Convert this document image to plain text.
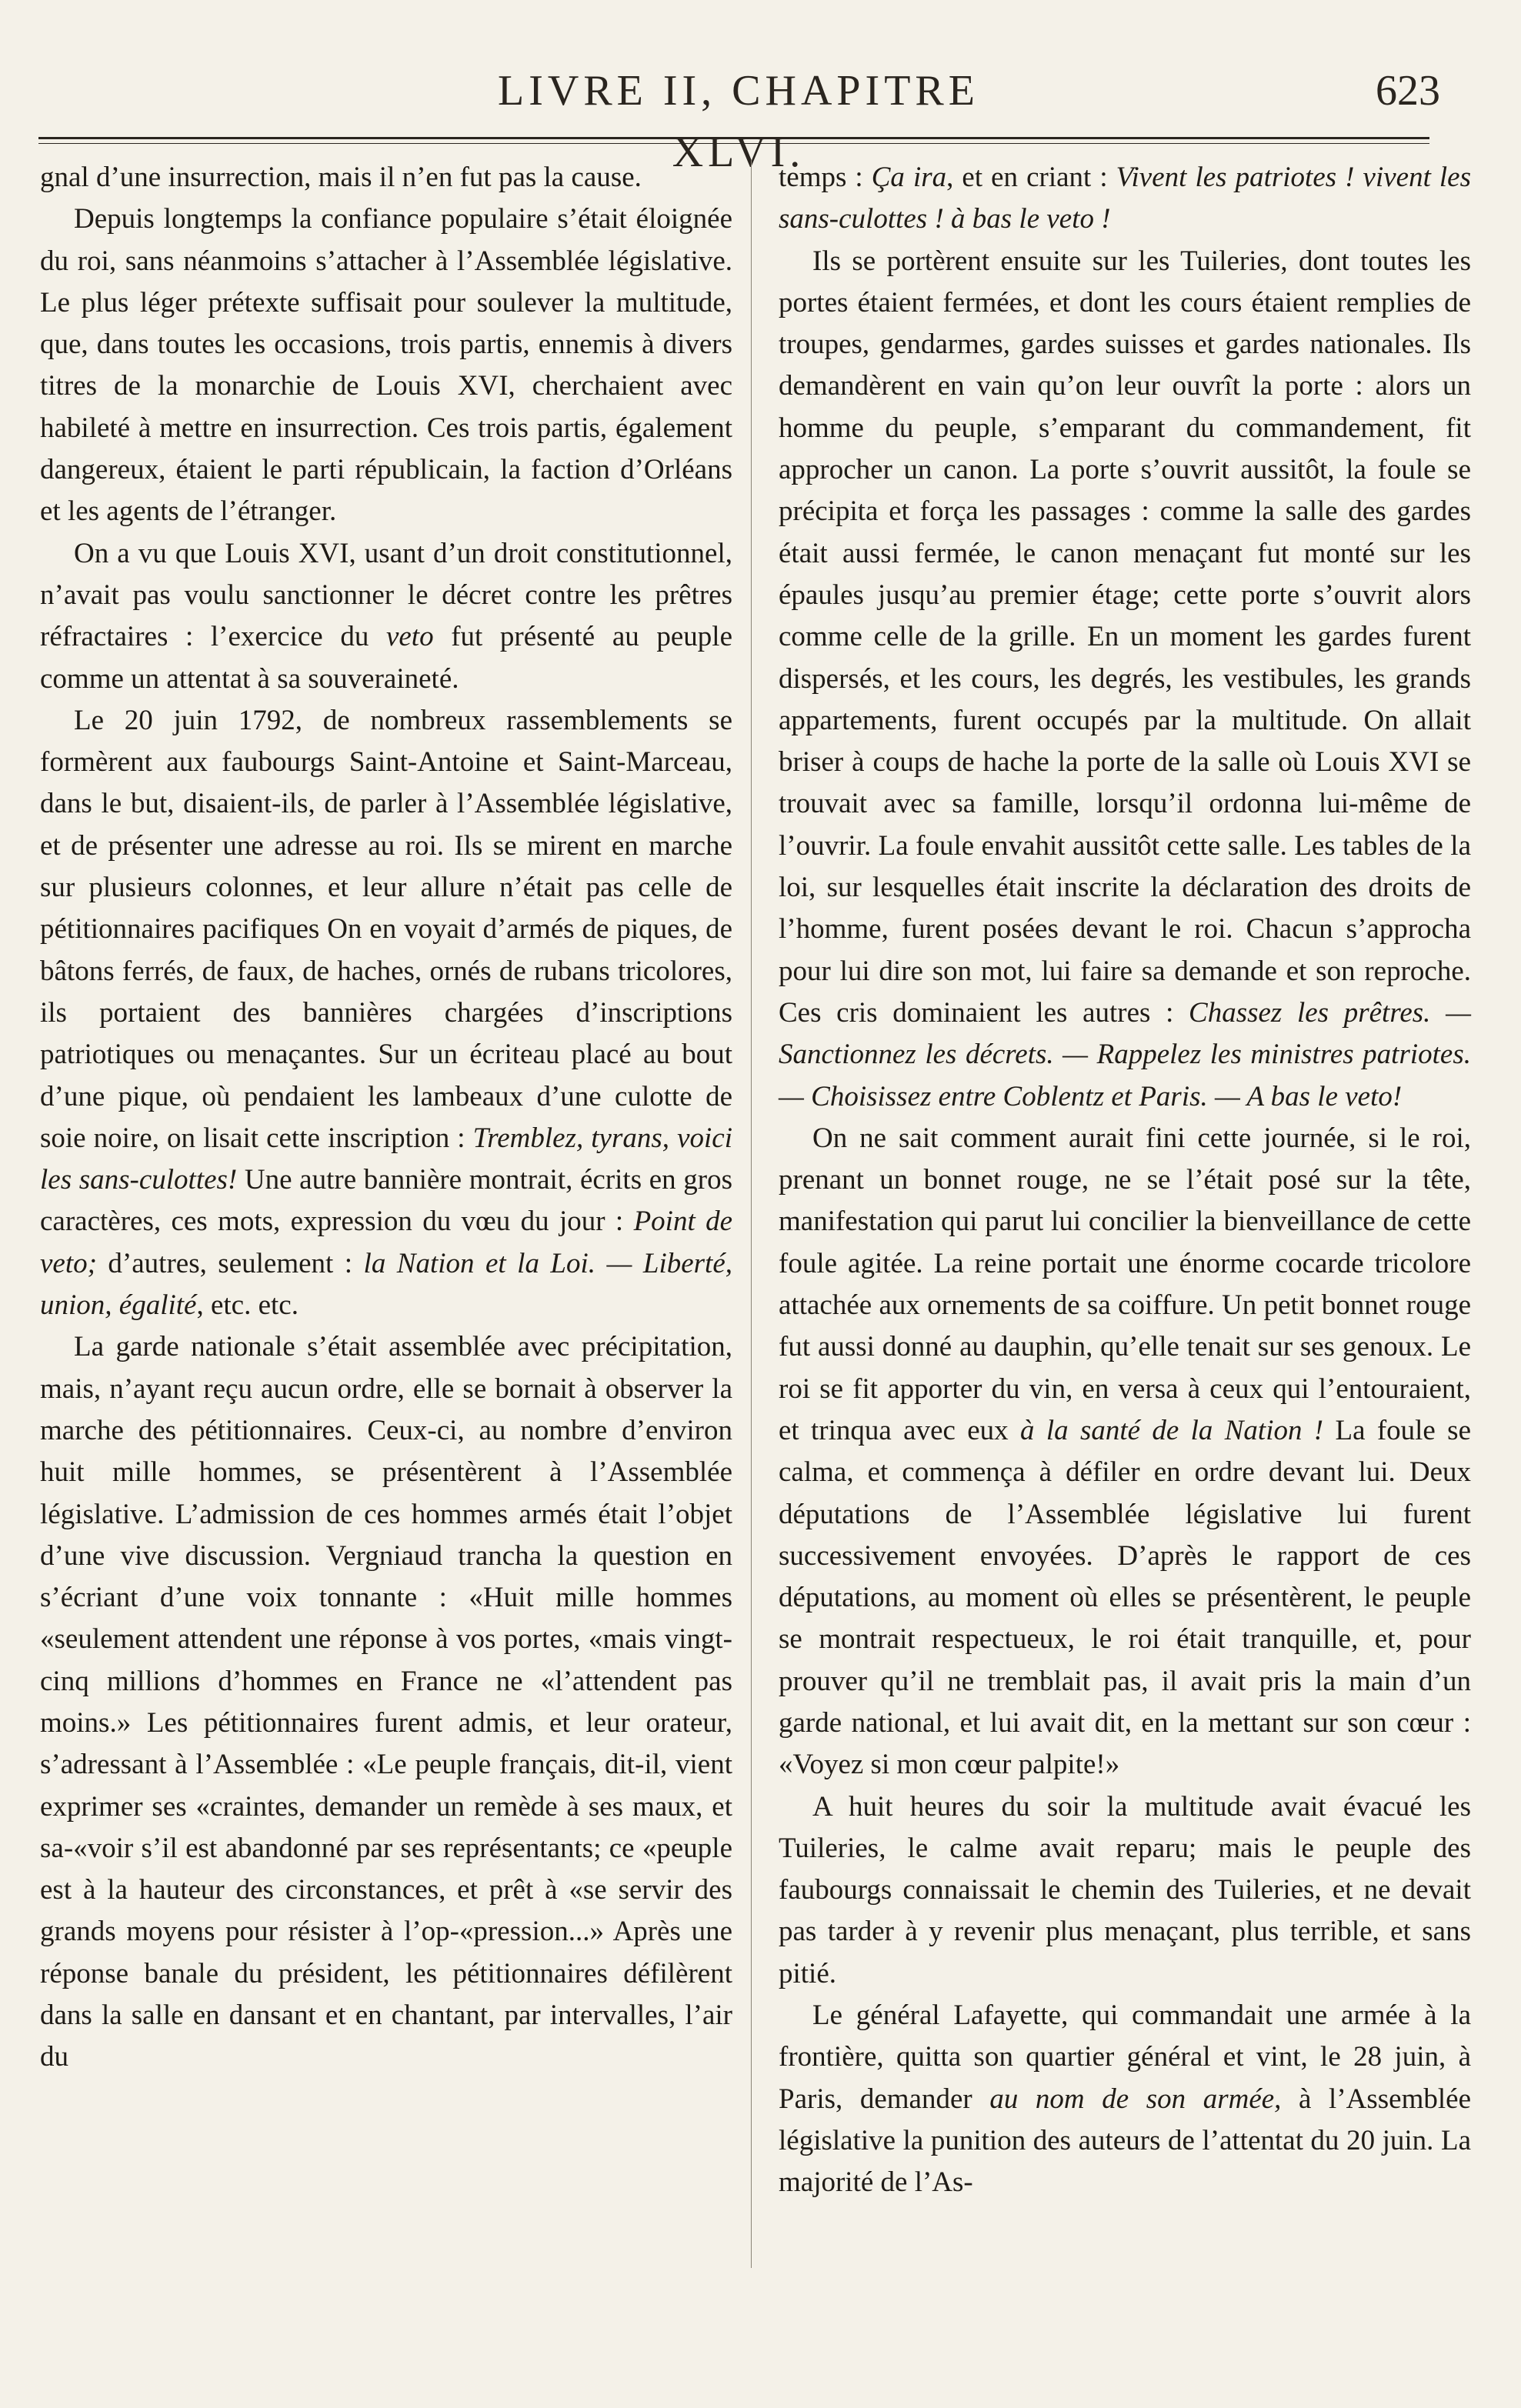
LIVRE II, CHAPITRE XLVI.
623

gnal d’une insurrection, mais il n’en fut pas la cause.

Depuis longtemps la confiance populaire s’était éloignée du roi, sans néanmoins s’attacher à l’Assemblée législative. Le plus léger prétexte suffisait pour soulever la multitude, que, dans toutes les occasions, trois partis, ennemis à divers titres de la monarchie de Louis XVI, cherchaient avec habileté à mettre en insurrection. Ces trois partis, également dangereux, étaient le parti républicain, la faction d’Orléans et les agents de l’étranger.

On a vu que Louis XVI, usant d’un droit constitutionnel, n’avait pas voulu sanctionner le décret contre les prêtres réfractaires : l’exercice du veto fut présenté au peuple comme un attentat à sa souveraineté.

Le 20 juin 1792, de nombreux rassemblements se formèrent aux faubourgs Saint-Antoine et Saint-Marceau, dans le but, disaient-ils, de parler à l’Assemblée législative, et de présenter une adresse au roi. Ils se mirent en marche sur plusieurs colonnes, et leur allure n’était pas celle de pétitionnaires pacifiques On en voyait d’armés de piques, de bâtons ferrés, de faux, de haches, ornés de rubans tricolores, ils portaient des bannières chargées d’inscriptions patriotiques ou menaçantes. Sur un écriteau placé au bout d’une pique, où pendaient les lambeaux d’une culotte de soie noire, on lisait cette inscription : Tremblez, tyrans, voici les sans-culottes! Une autre bannière montrait, écrits en gros caractères, ces mots, expression du vœu du jour : Point de veto; d’autres, seulement : la Nation et la Loi. — Liberté, union, égalité, etc. etc.

La garde nationale s’était assemblée avec précipitation, mais, n’ayant reçu aucun ordre, elle se bornait à observer la marche des pétitionnaires. Ceux-ci, au nombre d’environ huit mille hommes, se présentèrent à l’Assemblée législative. L’admission de ces hommes armés était l’objet d’une vive discussion. Vergniaud trancha la question en s’écriant d’une voix tonnante : «Huit mille hommes «seulement attendent une réponse à vos portes, «mais vingt-cinq millions d’hommes en France ne «l’attendent pas moins.» Les pétitionnaires furent admis, et leur orateur, s’adressant à l’Assemblée : «Le peuple français, dit-il, vient exprimer ses «craintes, demander un remède à ses maux, et sa-«voir s’il est abandonné par ses représentants; ce «peuple est à la hauteur des circonstances, et prêt à «se servir des grands moyens pour résister à l’op-«pression...» Après une réponse banale du président, les pétitionnaires défilèrent dans la salle en dansant et en chantant, par intervalles, l’air du

temps : Ça ira, et en criant : Vivent les patriotes ! vivent les sans-culottes ! à bas le veto !

Ils se portèrent ensuite sur les Tuileries, dont toutes les portes étaient fermées, et dont les cours étaient remplies de troupes, gendarmes, gardes suisses et gardes nationales. Ils demandèrent en vain qu’on leur ouvrît la porte : alors un homme du peuple, s’emparant du commandement, fit approcher un canon. La porte s’ouvrit aussitôt, la foule se précipita et força les passages : comme la salle des gardes était aussi fermée, le canon menaçant fut monté sur les épaules jusqu’au premier étage; cette porte s’ouvrit alors comme celle de la grille. En un moment les gardes furent dispersés, et les cours, les degrés, les vestibules, les grands appartements, furent occupés par la multitude. On allait briser à coups de hache la porte de la salle où Louis XVI se trouvait avec sa famille, lorsqu’il ordonna lui-même de l’ouvrir. La foule envahit aussitôt cette salle. Les tables de la loi, sur lesquelles était inscrite la déclaration des droits de l’homme, furent posées devant le roi. Chacun s’approcha pour lui dire son mot, lui faire sa demande et son reproche. Ces cris dominaient les autres : Chassez les prêtres. — Sanctionnez les décrets. — Rappelez les ministres patriotes. — Choisissez entre Coblentz et Paris. — A bas le veto!

On ne sait comment aurait fini cette journée, si le roi, prenant un bonnet rouge, ne se l’était posé sur la tête, manifestation qui parut lui concilier la bienveillance de cette foule agitée. La reine portait une énorme cocarde tricolore attachée aux ornements de sa coiffure. Un petit bonnet rouge fut aussi donné au dauphin, qu’elle tenait sur ses genoux. Le roi se fit apporter du vin, en versa à ceux qui l’entouraient, et trinqua avec eux à la santé de la Nation ! La foule se calma, et commença à défiler en ordre devant lui. Deux députations de l’Assemblée législative lui furent successivement envoyées. D’après le rapport de ces députations, au moment où elles se présentèrent, le peuple se montrait respectueux, le roi était tranquille, et, pour prouver qu’il ne tremblait pas, il avait pris la main d’un garde national, et lui avait dit, en la mettant sur son cœur : «Voyez si mon cœur palpite!»

A huit heures du soir la multitude avait évacué les Tuileries, le calme avait reparu; mais le peuple des faubourgs connaissait le chemin des Tuileries, et ne devait pas tarder à y revenir plus menaçant, plus terrible, et sans pitié.

Le général Lafayette, qui commandait une armée à la frontière, quitta son quartier général et vint, le 28 juin, à Paris, demander au nom de son armée, à l’Assemblée législative la punition des auteurs de l’attentat du 20 juin. La majorité de l’As-
